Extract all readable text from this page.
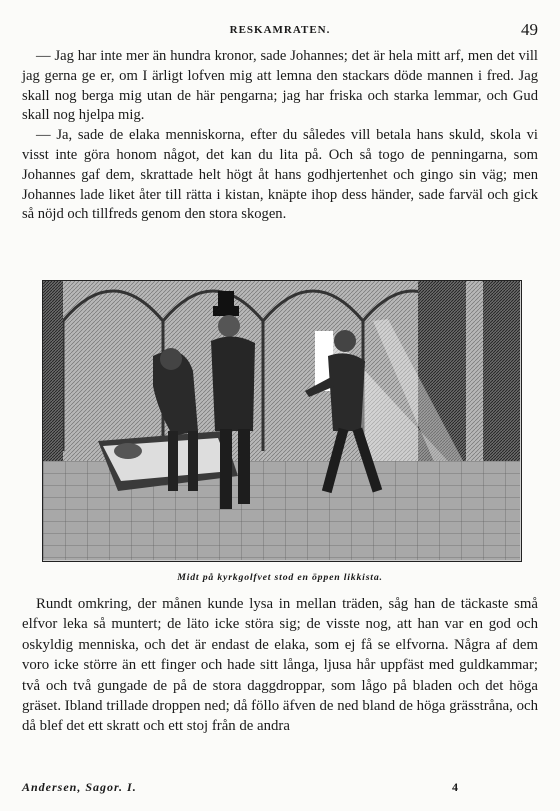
RESKAMRATEN.	49

— Jag har inte mer än hundra kronor, sade Johannes; det är hela mitt arf, men det vill jag gerna ge er, om I ärligt lofven mig att lemna den stackars döde mannen i fred. Jag skall nog berga mig utan de här pengarna; jag har friska och starka lemmar, och Gud skall nog hjelpa mig.

— Ja, sade de elaka menniskorna, efter du således vill betala hans skuld, skola vi visst inte göra honom något, det kan du lita på. Och så togo de penningarna, som Johannes gaf dem, skrattade helt högt åt hans godhjertenhet och gingo sin väg; men Johannes lade liket åter till rätta i kistan, knäpte ihop dess händer, sade farväl och gick så nöjd och tillfreds genom den stora skogen.

Midt på kyrkgolfvet stod en öppen likkista.

Rundt omkring, der månen kunde lysa in mellan träden, såg han de täckaste små elfvor leka så muntert; de läto icke störa sig; de visste nog, att han var en god och oskyldig menniska, och det är endast de elaka, som ej få se elfvorna. Några af dem voro icke större än ett finger och hade sitt långa, ljusa hår uppfäst med guldkammar; två och två gungade de på de stora daggdroppar, som lågo på bladen och det höga gräset. Ibland trillade droppen ned; då föllo äfven de ned bland de höga grässtråna, och då blef det ett skratt och ett stoj från de andra

Andersen, Sagor. I.	4
